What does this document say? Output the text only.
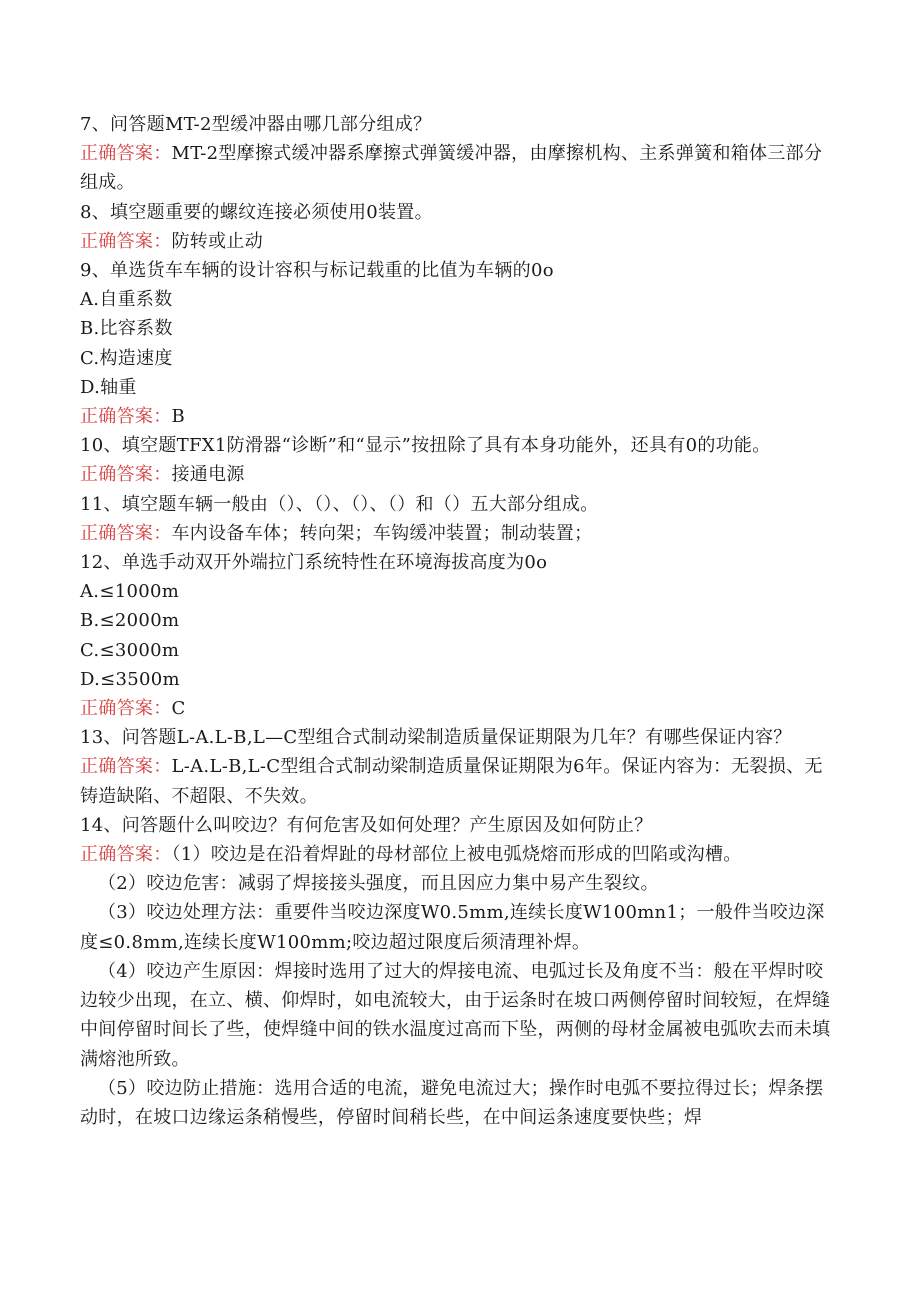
7、问答题MT-2型缓冲器由哪几部分组成？

正确答案：MT-2型摩擦式缓冲器系摩擦式弹簧缓冲器，由摩擦机构、主系弹簧和箱体三部分组成。

8、填空题重要的螺纹连接必须使用0装置。

正确答案：防转或止动

9、单选货车车辆的设计容积与标记载重的比值为车辆的0o

A.自重系数

B.比容系数

C.构造速度

D.轴重

正确答案：B

10、填空题TFX1防滑器“诊断”和“显示”按扭除了具有本身功能外，还具有0的功能。

正确答案：接通电源

11、填空题车辆一般由（）、（）、（）、（）和（）五大部分组成。

正确答案：车内设备车体；转向架；车钩缓冲装置；制动装置；

12、单选手动双开外端拉门系统特性在环境海拔高度为0o

A.≤1000m

B.≤2000m

C.≤3000m

D.≤3500m

正确答案：C

13、问答题L-A.L-B,L—C型组合式制动梁制造质量保证期限为几年？有哪些保证内容？

正确答案：L-A.L-B,L-C型组合式制动梁制造质量保证期限为6年。保证内容为：无裂损、无铸造缺陷、不超限、不失效。

14、问答题什么叫咬边？有何危害及如何处理？产生原因及如何防止？

正确答案：（1）咬边是在沿着焊趾的母材部位上被电弧烧熔而形成的凹陷或沟槽。

（2）咬边危害：减弱了焊接接头强度，而且因应力集中易产生裂纹。

（3）咬边处理方法：重要件当咬边深度W0.5mm,连续长度W100mn1；一般件当咬边深度≤0.8mm,连续长度W100mm;咬边超过限度后须清理补焊。

（4）咬边产生原因：焊接时选用了过大的焊接电流、电弧过长及角度不当：般在平焊时咬边较少出现，在立、横、仰焊时，如电流较大，由于运条时在坡口两侧停留时间较短，在焊缝中间停留时间长了些，使焊缝中间的铁水温度过高而下坠，两侧的母材金属被电弧吹去而未填满熔池所致。

（5）咬边防止措施：选用合适的电流，避免电流过大；操作时电弧不要拉得过长；焊条摆动时，在坡口边缘运条稍慢些，停留时间稍长些，在中间运条速度要快些；焊
